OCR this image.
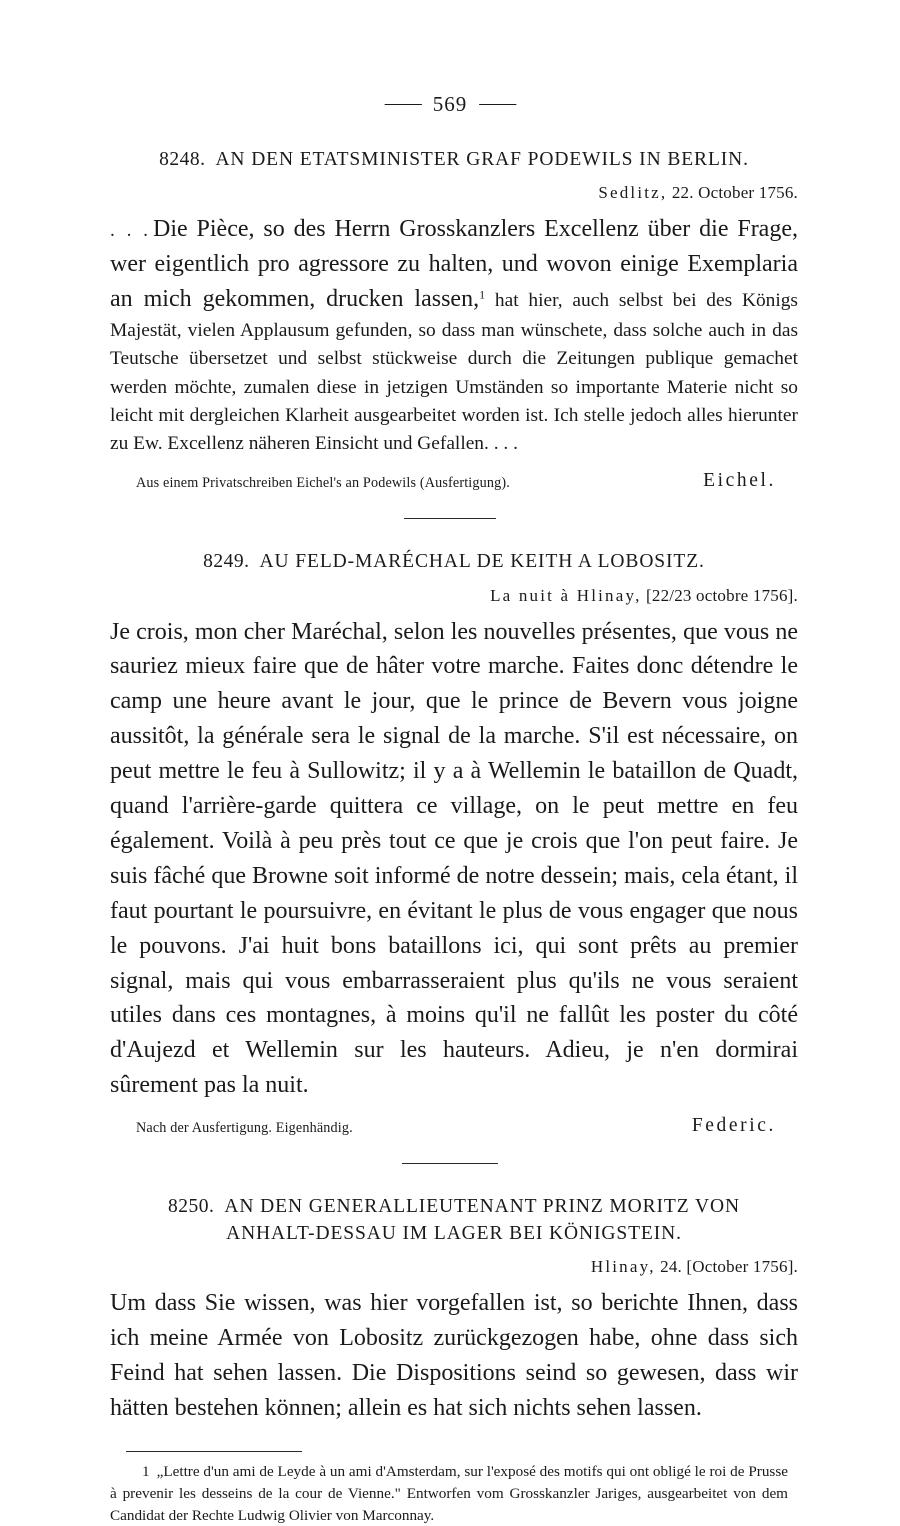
—— 569 ——
8248. AN DEN ETATSMINISTER GRAF PODEWILS IN BERLIN.
Sedlitz, 22. October 1756.
. . . Die Pièce, so des Herrn Grosskanzlers Excellenz über die Frage, wer eigentlich pro agressore zu halten, und wovon einige Exemplaria an mich gekommen, drucken lassen,$^1$ hat hier, auch selbst bei des Königs Majestät, vielen Applausum gefunden, so dass man wünschete, dass solche auch in das Teutsche übersetzet und selbst stückweise durch die Zeitungen publique gemachet werden möchte, zumalen diese in jetzigen Umständen so importante Materie nicht so leicht mit dergleichen Klarheit ausgearbeitet worden ist. Ich stelle jedoch alles hierunter zu Ew. Excellenz näheren Einsicht und Gefallen. . . .
Aus einem Privatschreiben Eichel's an Podewils (Ausfertigung).	Eichel.
8249. AU FELD-MARÉCHAL DE KEITH A LOBOSITZ.
La nuit à Hlinay, [22/23 octobre 1756].
Je crois, mon cher Maréchal, selon les nouvelles présentes, que vous ne sauriez mieux faire que de hâter votre marche. Faites donc détendre le camp une heure avant le jour, que le prince de Bevern vous joigne aussitôt, la générale sera le signal de la marche. S'il est nécessaire, on peut mettre le feu à Sullowitz; il y a à Wellemin le bataillon de Quadt, quand l'arrière-garde quittera ce village, on le peut mettre en feu également. Voilà à peu près tout ce que je crois que l'on peut faire. Je suis fâché que Browne soit informé de notre dessein; mais, cela étant, il faut pourtant le poursuivre, en évitant le plus de vous engager que nous le pouvons. J'ai huit bons bataillons ici, qui sont prêts au premier signal, mais qui vous embarrasseraient plus qu'ils ne vous seraient utiles dans ces montagnes, à moins qu'il ne fallût les poster du côté d'Aujezd et Wellemin sur les hauteurs. Adieu, je n'en dormirai sûrement pas la nuit.
Nach der Ausfertigung. Eigenhändig.	Federic.
8250. AN DEN GENERALLIEUTENANT PRINZ MORITZ VON
ANHALT-DESSAU IM LAGER BEI KÖNIGSTEIN.
Hlinay, 24. [October 1756].
Um dass Sie wissen, was hier vorgefallen ist, so berichte Ihnen, dass ich meine Armée von Lobositz zurückgezogen habe, ohne dass sich Feind hat sehen lassen. Die Dispositions seind so gewesen, dass wir hätten bestehen können; allein es hat sich nichts sehen lassen.
1 „Lettre d'un ami de Leyde à un ami d'Amsterdam, sur l'exposé des motifs qui ont obligé le roi de Prusse à prevenir les desseins de la cour de Vienne." Entworfen vom Grosskanzler Jariges, ausgearbeitet von dem Candidat der Rechte Ludwig Olivier von Marconnay.
